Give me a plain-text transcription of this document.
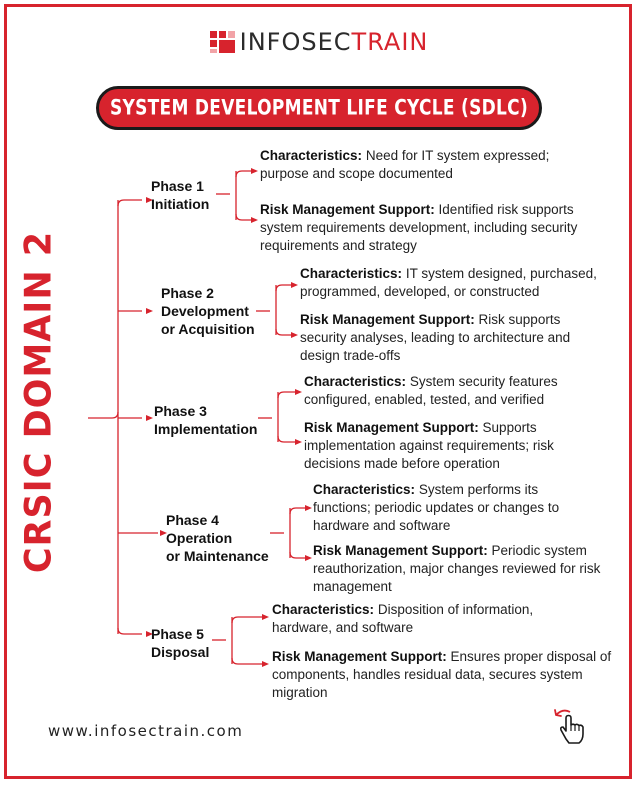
INFOSECTRAIN
SYSTEM DEVELOPMENT LIFE CYCLE (SDLC)
CRSIC DOMAIN 2
Phase 1
Initiation
Characteristics: Need for IT system expressed; purpose and scope documented
Risk Management Support: Identified risk supports system requirements development, including security requirements and strategy
Phase 2
Development
or Acquisition
Characteristics: IT system designed, purchased, programmed, developed, or constructed
Risk Management Support: Risk supports security analyses, leading to architecture and design trade-offs
Phase 3
Implementation
Characteristics: System security features configured, enabled, tested, and verified
Risk Management Support: Supports implementation against requirements; risk decisions made before operation
Phase 4
Operation
or Maintenance
Characteristics: System performs its functions; periodic updates or changes to hardware and software
Risk Management Support: Periodic system reauthorization, major changes reviewed for risk management
Phase 5
Disposal
Characteristics: Disposition of information, hardware, and software
Risk Management Support: Ensures proper disposal of components, handles residual data, secures system migration
www.infosectrain.com
